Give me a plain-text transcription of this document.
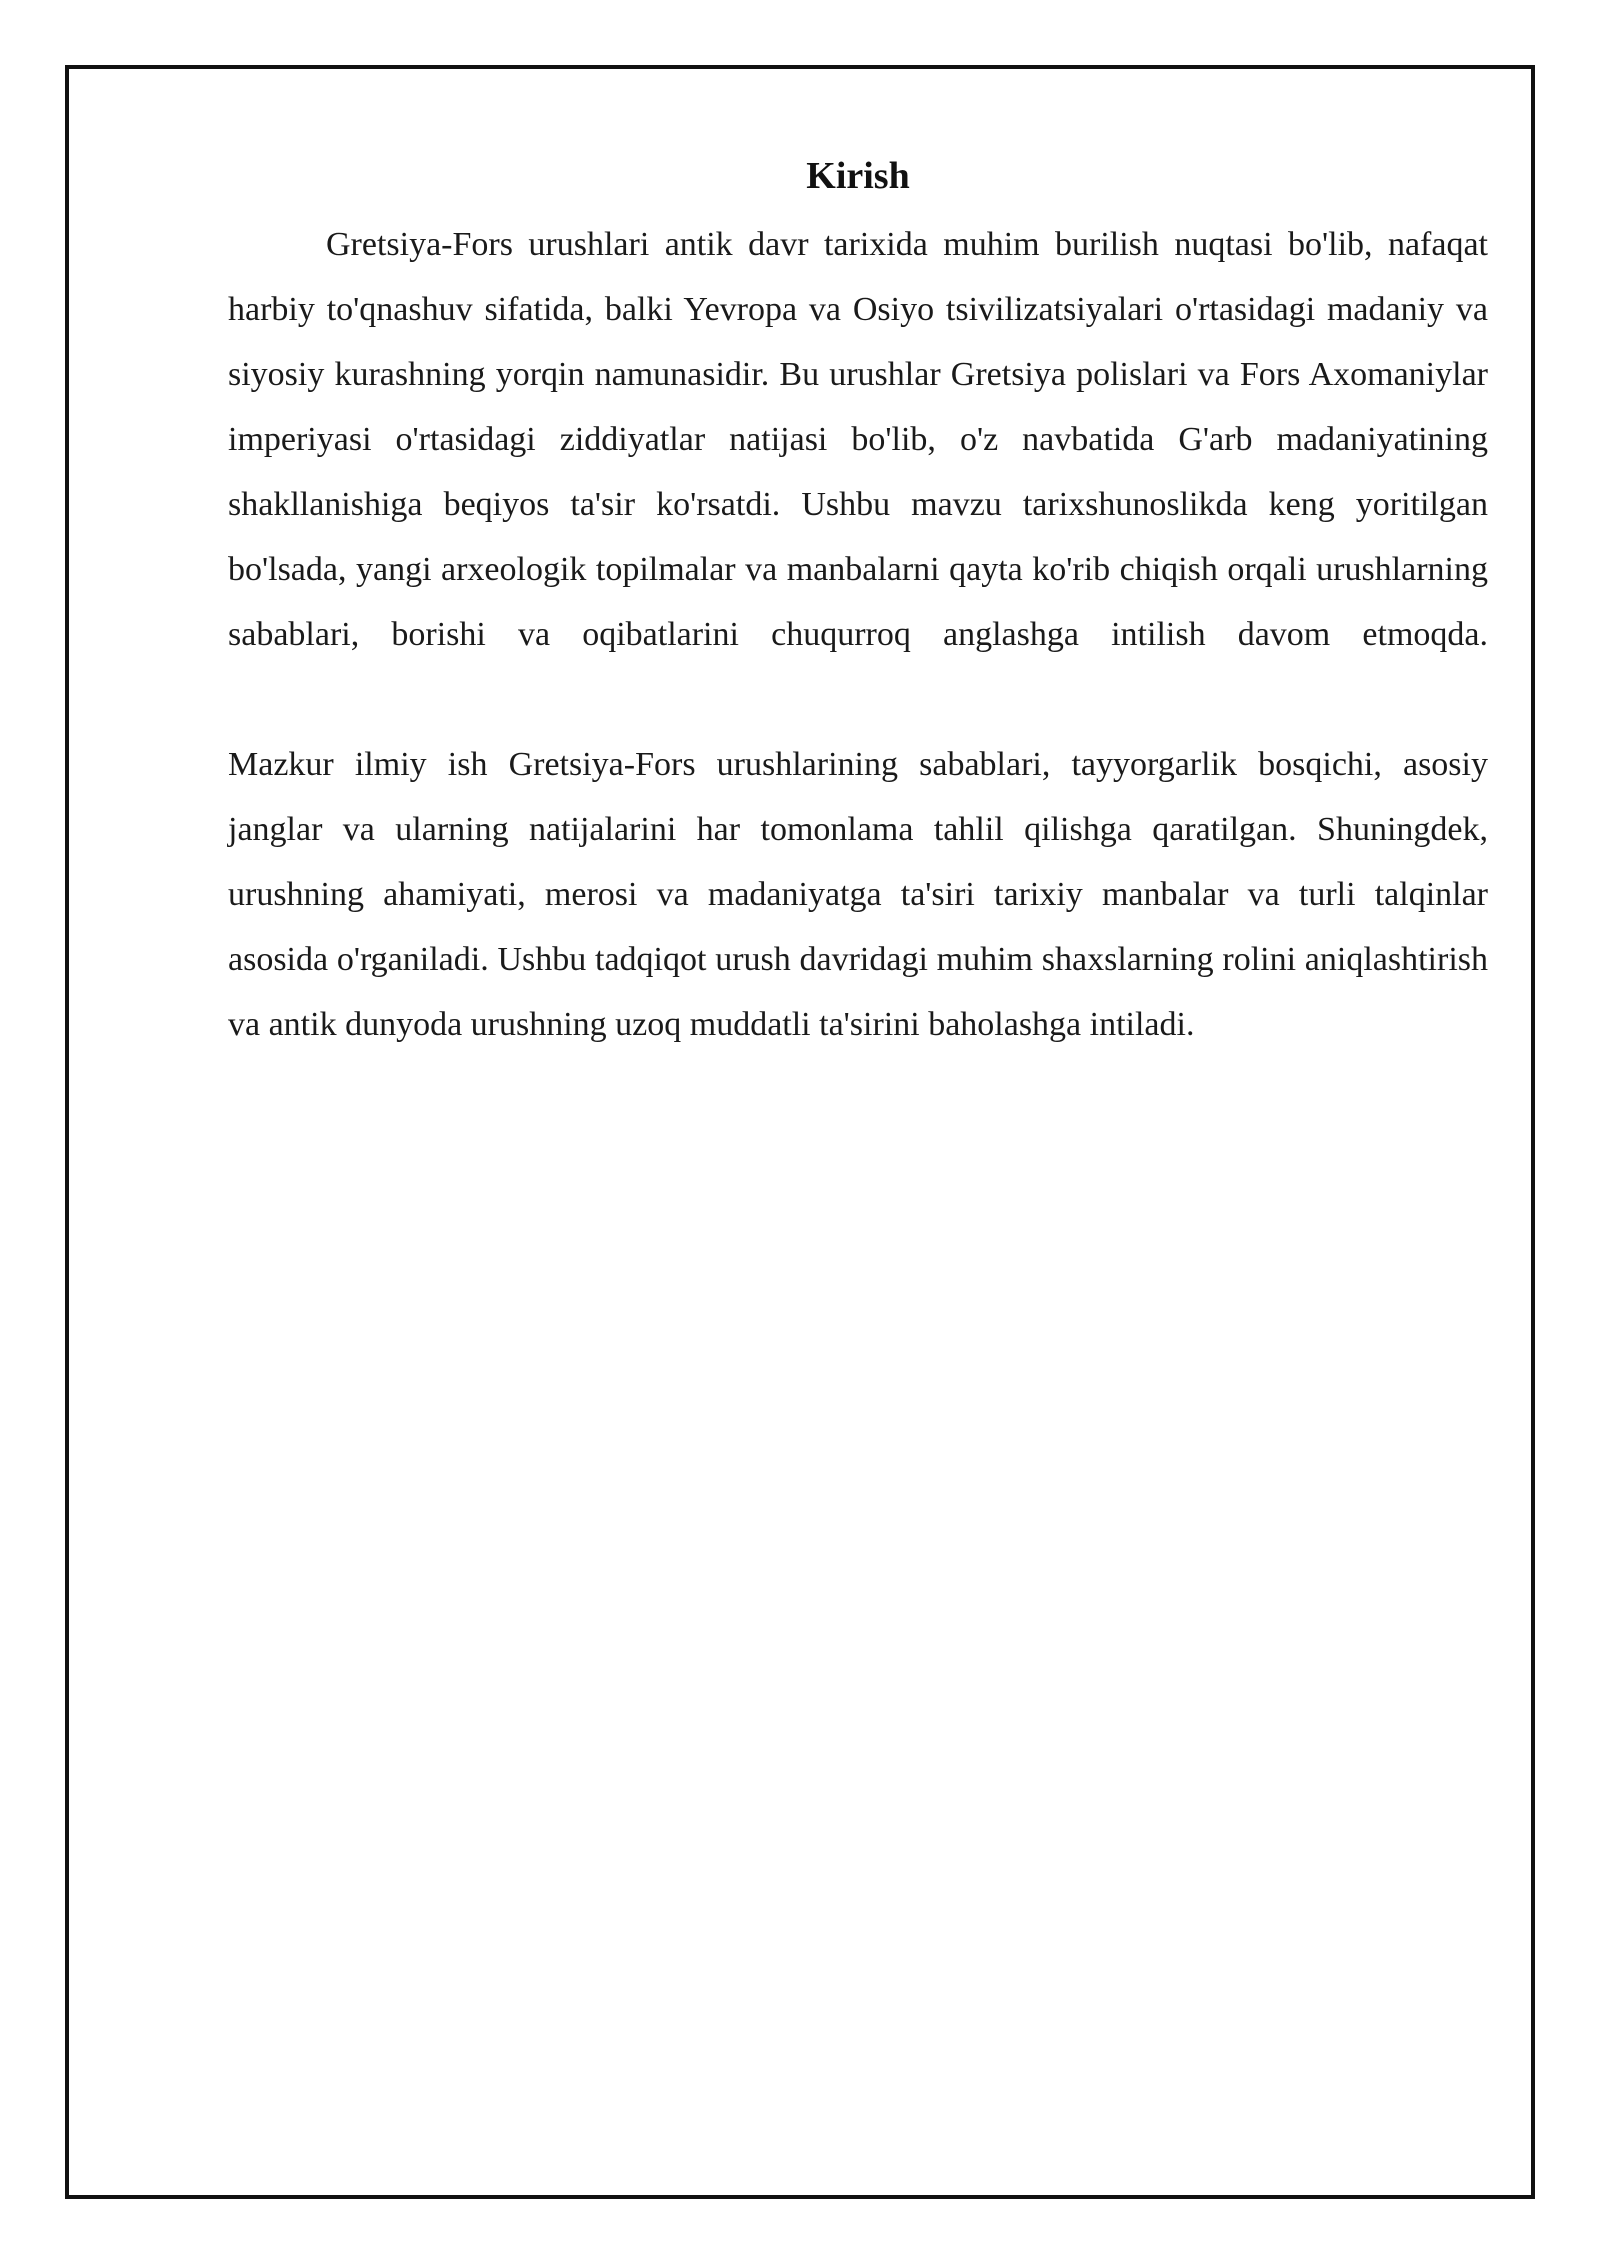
Kirish

Gretsiya-Fors urushlari antik davr tarixida muhim burilish nuqtasi bo'lib, nafaqat harbiy to'qnashuv sifatida, balki Yevropa va Osiyo tsivilizatsiyalari o'rtasidagi madaniy va siyosiy kurashning yorqin namunasidir. Bu urushlar Gretsiya polislari va Fors Axomaniylar imperiyasi o'rtasidagi ziddiyatlar natijasi bo'lib, o'z navbatida G'arb madaniyatining shakllanishiga beqiyos ta'sir ko'rsatdi. Ushbu mavzu tarixshunoslikda keng yoritilgan bo'lsada, yangi arxeologik topilmalar va manbalarni qayta ko'rib chiqish orqali urushlarning sabablari, borishi va oqibatlarini chuqurroq anglashga intilish davom etmoqda.

Mazkur ilmiy ish Gretsiya-Fors urushlarining sabablari, tayyorgarlik bosqichi, asosiy janglar va ularning natijalarini har tomonlama tahlil qilishga qaratilgan. Shuningdek, urushning ahamiyati, merosi va madaniyatga ta'siri tarixiy manbalar va turli talqinlar asosida o'rganiladi. Ushbu tadqiqot urush davridagi muhim shaxslarning rolini aniqlashtirish va antik dunyoda urushning uzoq muddatli ta'sirini baholashga intiladi.
